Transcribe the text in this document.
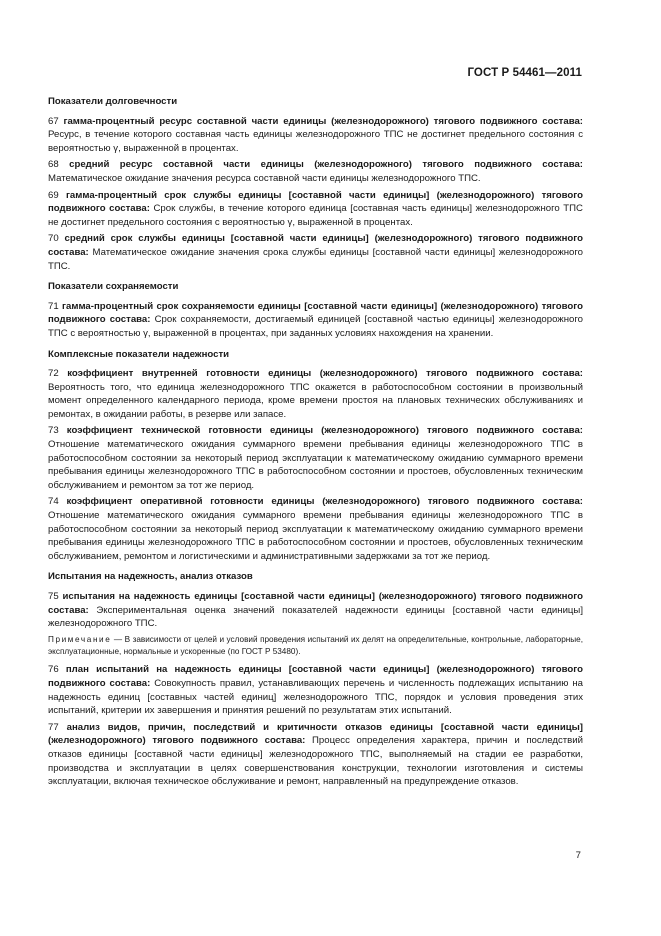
ГОСТ Р 54461—2011
Показатели долговечности

67 гамма-процентный ресурс составной части единицы (железнодорожного) тягового подвижного состава: Ресурс, в течение которого составная часть единицы железнодорожного ТПС не достигнет предельного состояния с вероятностью γ, выраженной в процентах.

68 средний ресурс составной части единицы (железнодорожного) тягового подвижного состава: Математическое ожидание значения ресурса составной части единицы железнодорожного ТПС.

69 гамма-процентный срок службы единицы [составной части единицы] (железнодорожного) тягового подвижного состава: Срок службы, в течение которого единица [составная часть единицы] железнодорожного ТПС не достигнет предельного состояния с вероятностью γ, выраженной в процентах.

70 средний срок службы единицы [составной части единицы] (железнодорожного) тягового подвижного состава: Математическое ожидание значения срока службы единицы [составной части единицы] железнодорожного ТПС.

Показатели сохраняемости

71 гамма-процентный срок сохраняемости единицы [составной части единицы] (железнодорожного) тягового подвижного состава: Срок сохраняемости, достигаемый единицей [составной частью единицы] железнодорожного ТПС с вероятностью γ, выраженной в процентах, при заданных условиях нахождения на хранении.

Комплексные показатели надежности

72 коэффициент внутренней готовности единицы (железнодорожного) тягового подвижного состава: Вероятность того, что единица железнодорожного ТПС окажется в работоспособном состоянии в произвольный момент определенного календарного периода, кроме времени простоя на плановых технических обслуживаниях и ремонтах, в ожидании работы, в резерве или запасе.

73 коэффициент технической готовности единицы (железнодорожного) тягового подвижного состава: Отношение математического ожидания суммарного времени пребывания единицы железнодорожного ТПС в работоспособном состоянии за некоторый период эксплуатации к математическому ожиданию суммарного времени пребывания единицы железнодорожного ТПС в работоспособном состоянии и простоев, обусловленных техническим обслуживанием и ремонтом за тот же период.

74 коэффициент оперативной готовности единицы (железнодорожного) тягового подвижного состава: Отношение математического ожидания суммарного времени пребывания единицы железнодорожного ТПС в работоспособном состоянии за некоторый период эксплуатации к математическому ожиданию суммарного времени пребывания единицы железнодорожного ТПС в работоспособном состоянии и простоев, обусловленных техническим обслуживанием, ремонтом и логистическими и административными задержками за тот же период.

Испытания на надежность, анализ отказов

75 испытания на надежность единицы [составной части единицы] (железнодорожного) тягового подвижного состава: Экспериментальная оценка значений показателей надежности единицы [составной части единицы] железнодорожного ТПС.

Примечание — В зависимости от целей и условий проведения испытаний их делят на определительные, контрольные, лабораторные, эксплуатационные, нормальные и ускоренные (по ГОСТ Р 53480).

76 план испытаний на надежность единицы [составной части единицы] (железнодорожного) тягового подвижного состава: Совокупность правил, устанавливающих перечень и численность подлежащих испытанию на надежность единиц [составных частей единиц] железнодорожного ТПС, порядок и условия проведения этих испытаний, критерии их завершения и принятия решений по результатам этих испытаний.

77 анализ видов, причин, последствий и критичности отказов единицы [составной части единицы] (железнодорожного) тягового подвижного состава: Процесс определения характера, причин и последствий отказов единицы [составной части единицы] железнодорожного ТПС, выполняемый на стадии ее разработки, производства и эксплуатации в целях совершенствования конструкции, технологии изготовления и системы эксплуатации, включая техническое обслуживание и ремонт, направленный на предупреждение отказов.

7
